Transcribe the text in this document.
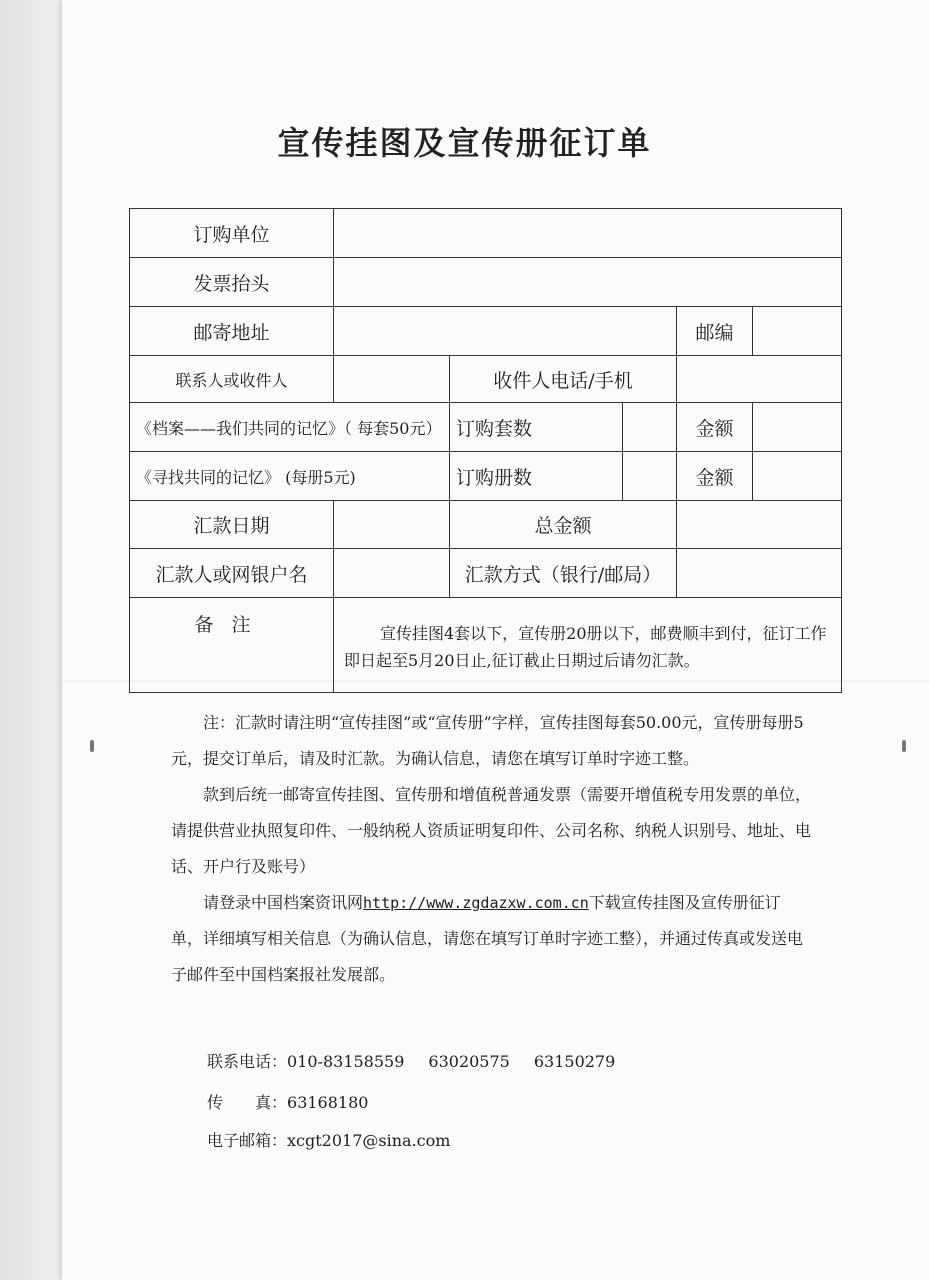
宣传挂图及宣传册征订单
订购单位					
发票抬头					
邮寄地址				邮编	
联系人或收件人		收件人电话/手机			
《档案——我们共同的记忆》（ 每套50元）		订购套数		金额	
《寻找共同的记忆》 (每册5元)		订购册数		金额	
汇款日期		总金额			
汇款人或网银户名		汇款方式（银行/邮局）			
备注	宣传挂图4套以下，宣传册20册以下，邮费顺丰到付，征订工作即日起至5月20日止,征订截止日期过后请勿汇款。				

注：汇款时请注明“宣传挂图”或“宣传册”字样，宣传挂图每套50.00元，宣传册每册5元，提交订单后，请及时汇款。为确认信息，请您在填写订单时字迹工整。

款到后统一邮寄宣传挂图、宣传册和增值税普通发票（需要开增值税专用发票的单位，请提供营业执照复印件、一般纳税人资质证明复印件、公司名称、纳税人识别号、地址、电话、开户行及账号）

请登录中国档案资讯网http://www.zgdazxw.com.cn下载宣传挂图及宣传册征订单，详细填写相关信息（为确认信息，请您在填写订单时字迹工整），并通过传真或发送电子邮件至中国档案报社发展部。

联系电话：010-83158559 63020575 63150279
传　　真：63168180
电子邮箱：xcgt2017@sina.com
